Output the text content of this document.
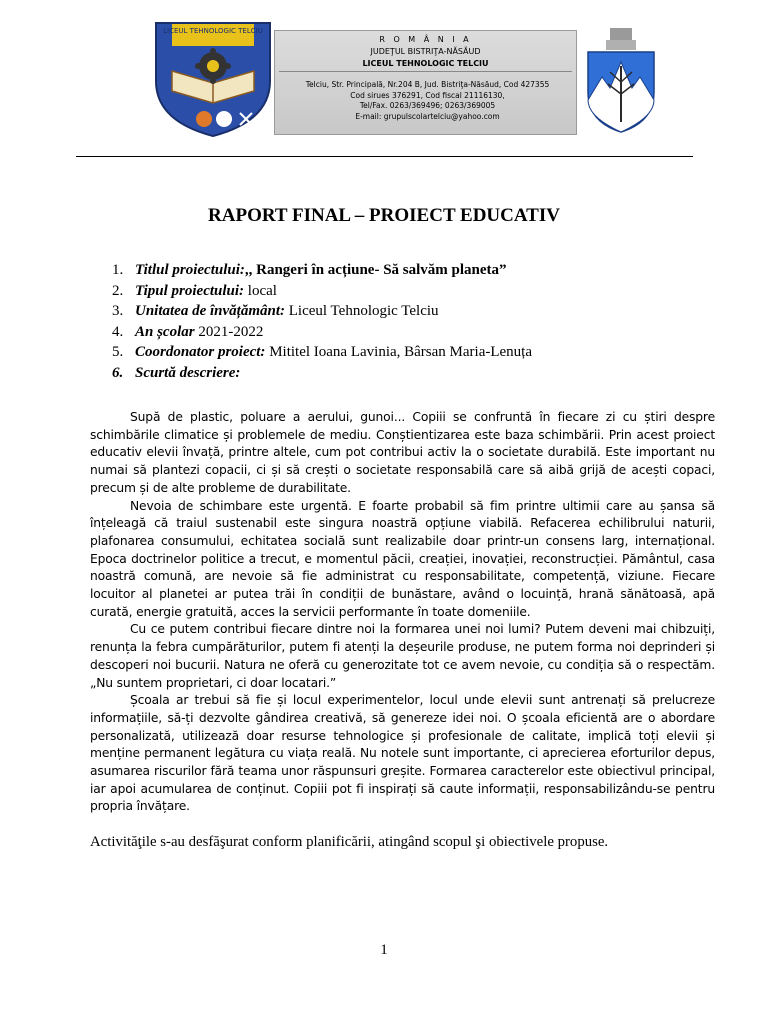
LICEUL TEHNOLOGIC TELCIU
R O M Â N I A
JUDEŢUL BISTRIŢA-NĂSĂUD
LICEUL TEHNOLOGIC TELCIU
Telciu, Str. Principală, Nr.204 B, Jud. Bistriţa-Năsăud, Cod 427355
Cod sirues 376291, Cod fiscal 21116130,
Tel/Fax. 0263/369496; 0263/369005
E-mail: grupulscolartelciu@yahoo.com
RAPORT FINAL – PROIECT EDUCATIV
1. Titlul proiectului:,, Rangeri în acțiune- Să salvăm planeta”
2. Tipul proiectului: local
3. Unitatea de învățământ: Liceul Tehnologic Telciu
4. An școlar 2021-2022
5. Coordonator proiect: Mititel Ioana Lavinia, Bârsan Maria-Lenuța
6. Scurtă descriere:

Supă de plastic, poluare a aerului, gunoi... Copiii se confruntă în fiecare zi cu știri despre schimbările climatice și problemele de mediu. Conștientizarea este baza schimbării. Prin acest proiect educativ elevii învață, printre altele, cum pot contribui activ la o societate durabilă. Este important nu numai să plantezi copacii, ci și să crești o societate responsabilă care să aibă grijă de acești copaci, precum și de alte probleme de durabilitate.

Nevoia de schimbare este urgentă. E foarte probabil să fim printre ultimii care au șansa să înțeleagă că traiul sustenabil este singura noastră opțiune viabilă. Refacerea echilibrului naturii, plafonarea consumului, echitatea socială sunt realizabile doar printr-un consens larg, internațional. Epoca doctrinelor politice a trecut, e momentul păcii, creației, inovației, reconstrucției. Pământul, casa noastră comună, are nevoie să fie administrat cu responsabilitate, competență, viziune. Fiecare locuitor al planetei ar putea trăi în condiții de bunăstare, având o locuință, hrană sănătoasă, apă curată, energie gratuită, acces la servicii performante în toate domeniile.

Cu ce putem contribui fiecare dintre noi la formarea unei noi lumi? Putem deveni mai chibzuiți, renunța la febra cumpărăturilor, putem fi atenți la deșeurile produse, ne putem forma noi deprinderi și descoperi noi bucurii. Natura ne oferă cu generozitate tot ce avem nevoie, cu condiția să o respectăm. „Nu suntem proprietari, ci doar locatari.”

Școala ar trebui să fie și locul experimentelor, locul unde elevii sunt antrenați să prelucreze informațiile, să-ți dezvolte gândirea creativă, să genereze idei noi. O școala eficientă are o abordare personalizată, utilizează doar resurse tehnologice și profesionale de calitate, implică toți elevii și menține permanent legătura cu viața reală. Nu notele sunt importante, ci aprecierea eforturilor depus, asumarea riscurilor fără teama unor răspunsuri greșite. Formarea caracterelor este obiectivul principal, iar apoi acumularea de conținut. Copiii pot fi inspirați să caute informații, responsabilizându-se pentru propria învățare.

Activităţile s-au desfăşurat conform planificării, atingând scopul şi obiectivele propuse.
1
